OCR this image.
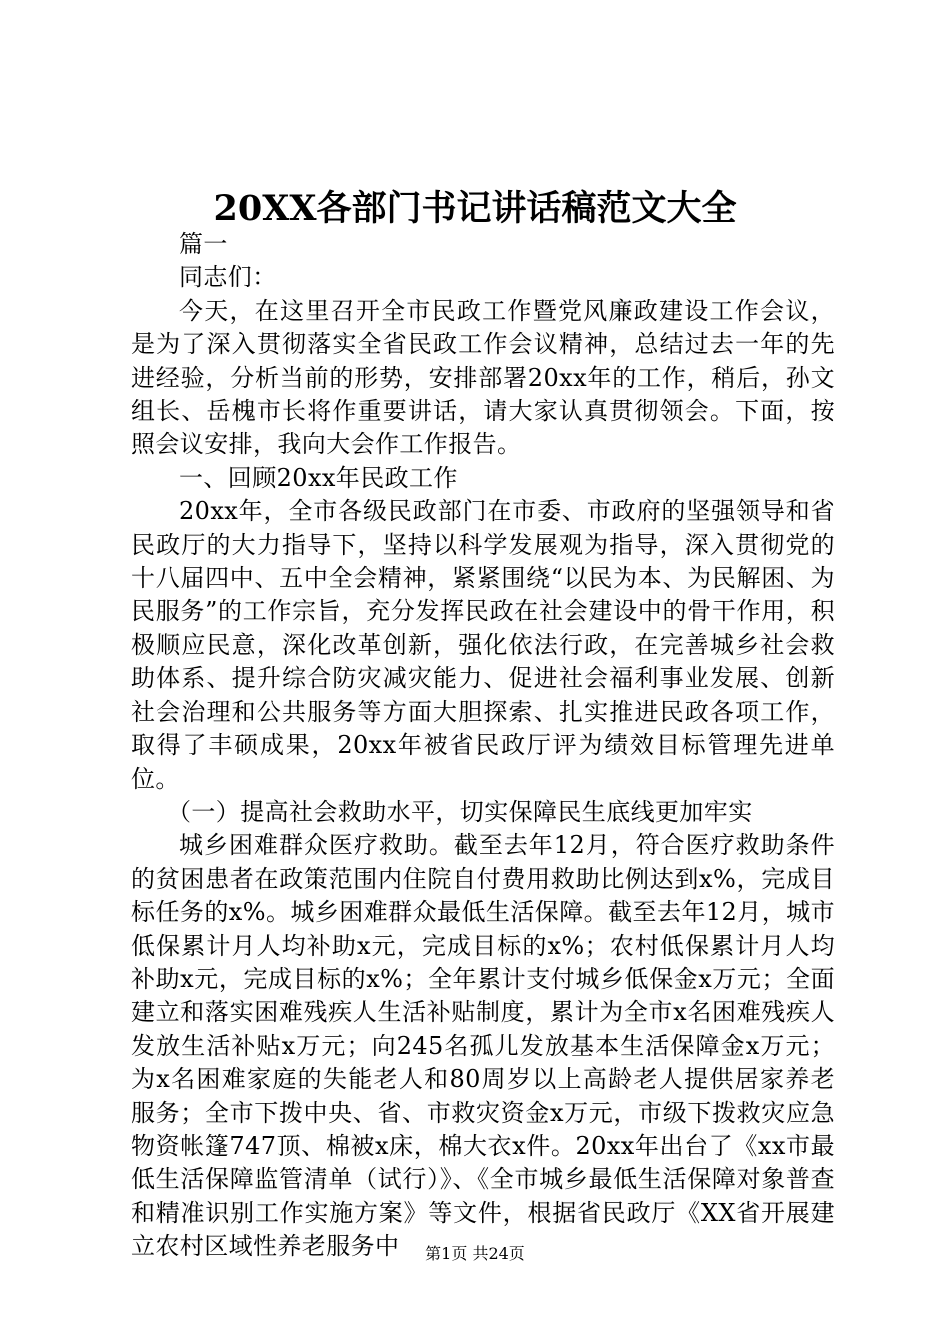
20XX各部门书记讲话稿范文大全

篇一

同志们：

今天，在这里召开全市民政工作暨党风廉政建设工作会议，是为了深入贯彻落实全省民政工作会议精神，总结过去一年的先进经验，分析当前的形势，安排部署20xx年的工作，稍后，孙文组长、岳槐市长将作重要讲话，请大家认真贯彻领会。下面，按照会议安排，我向大会作工作报告。

一、回顾20xx年民政工作

20xx年，全市各级民政部门在市委、市政府的坚强领导和省民政厅的大力指导下，坚持以科学发展观为指导，深入贯彻党的十八届四中、五中全会精神，紧紧围绕“以民为本、为民解困、为民服务”的工作宗旨，充分发挥民政在社会建设中的骨干作用，积极顺应民意，深化改革创新，强化依法行政，在完善城乡社会救助体系、提升综合防灾减灾能力、促进社会福利事业发展、创新社会治理和公共服务等方面大胆探索、扎实推进民政各项工作，取得了丰硕成果，20xx年被省民政厅评为绩效目标管理先进单位。

（一）提高社会救助水平，切实保障民生底线更加牢实

城乡困难群众医疗救助。截至去年12月，符合医疗救助条件的贫困患者在政策范围内住院自付费用救助比例达到x%，完成目标任务的x%。城乡困难群众最低生活保障。截至去年12月，城市低保累计月人均补助x元，完成目标的x%；农村低保累计月人均补助x元，完成目标的x%；全年累计支付城乡低保金x万元；全面建立和落实困难残疾人生活补贴制度，累计为全市x名困难残疾人发放生活补贴x万元；向245名孤儿发放基本生活保障金x万元；为x名困难家庭的失能老人和80周岁以上高龄老人提供居家养老服务；全市下拨中央、省、市救灾资金x万元，市级下拨救灾应急物资帐篷747顶、棉被x床，棉大衣x件。20xx年出台了《xx市最低生活保障监管清单（试行）》、《全市城乡最低生活保障对象普查和精准识别工作实施方案》等文件，根据省民政厅《XX省开展建立农村区域性养老服务中	第1页 共24页
